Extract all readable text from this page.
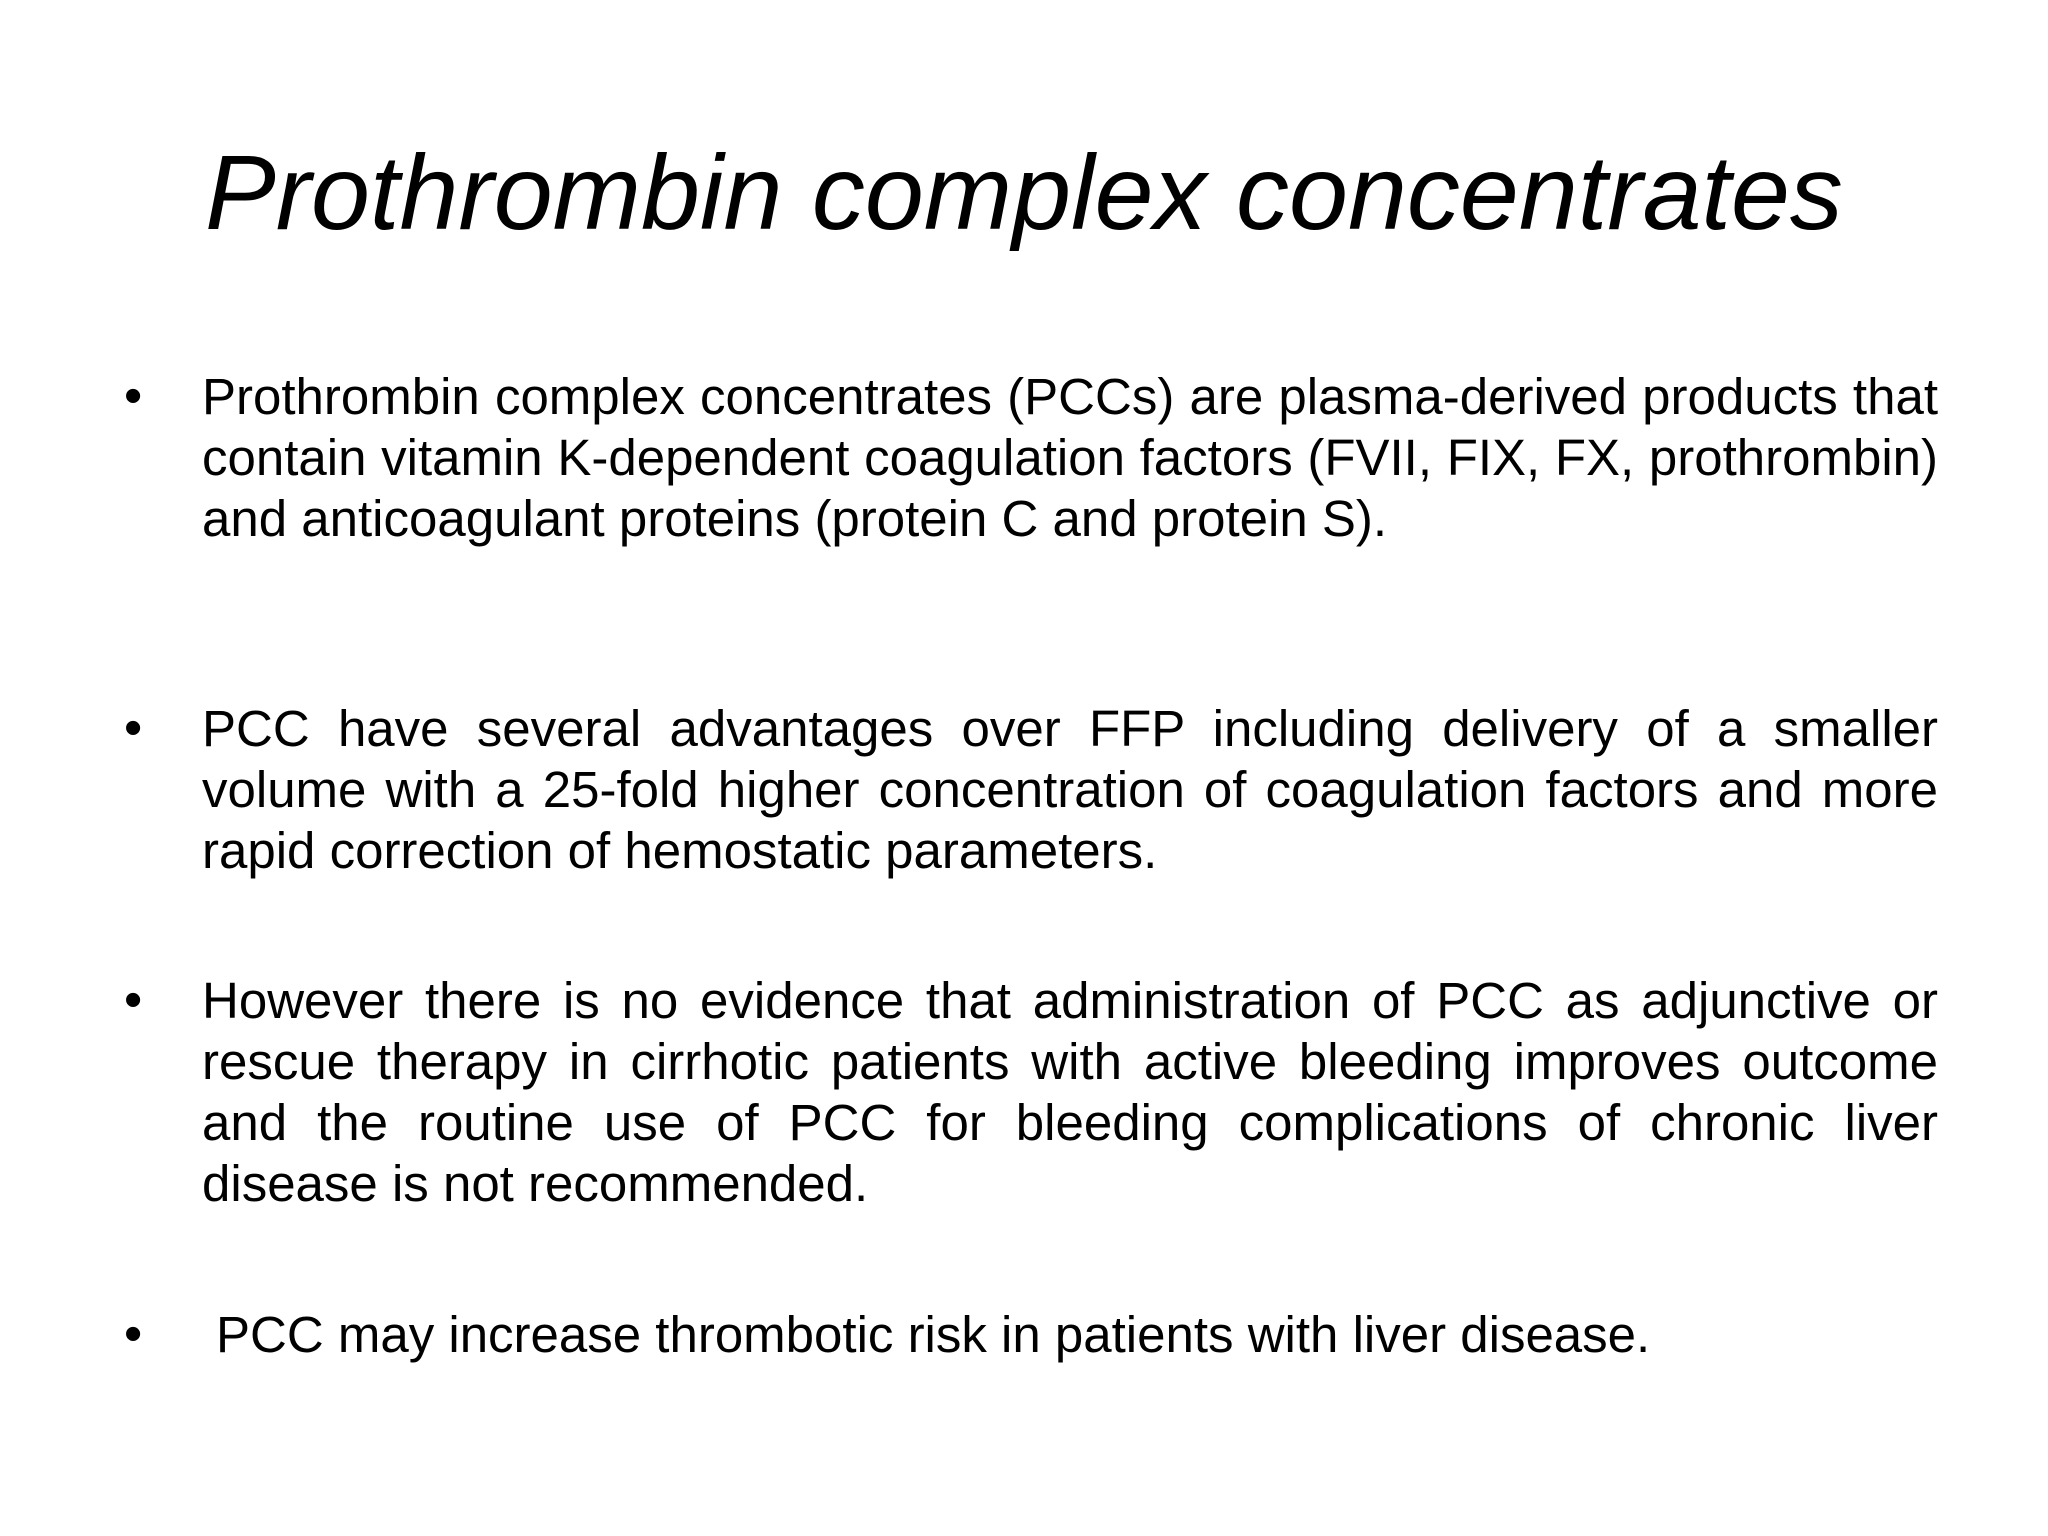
Prothrombin complex concentrates
• Prothrombin complex concentrates (PCCs) are plasma-derived products that contain vitamin K-dependent coagulation factors (FVII, FIX, FX, prothrombin) and anticoagulant proteins (protein C and protein S).
• PCC have several advantages over FFP including delivery of a smaller volume with a 25-fold higher concentration of coagulation factors and more rapid correction of hemostatic parameters.
• However there is no evidence that administration of PCC as adjunctive or rescue therapy in cirrhotic patients with active bleeding improves outcome and the routine use of PCC for bleeding complications of chronic liver disease is not recommended.
• PCC may increase thrombotic risk in patients with liver disease.
